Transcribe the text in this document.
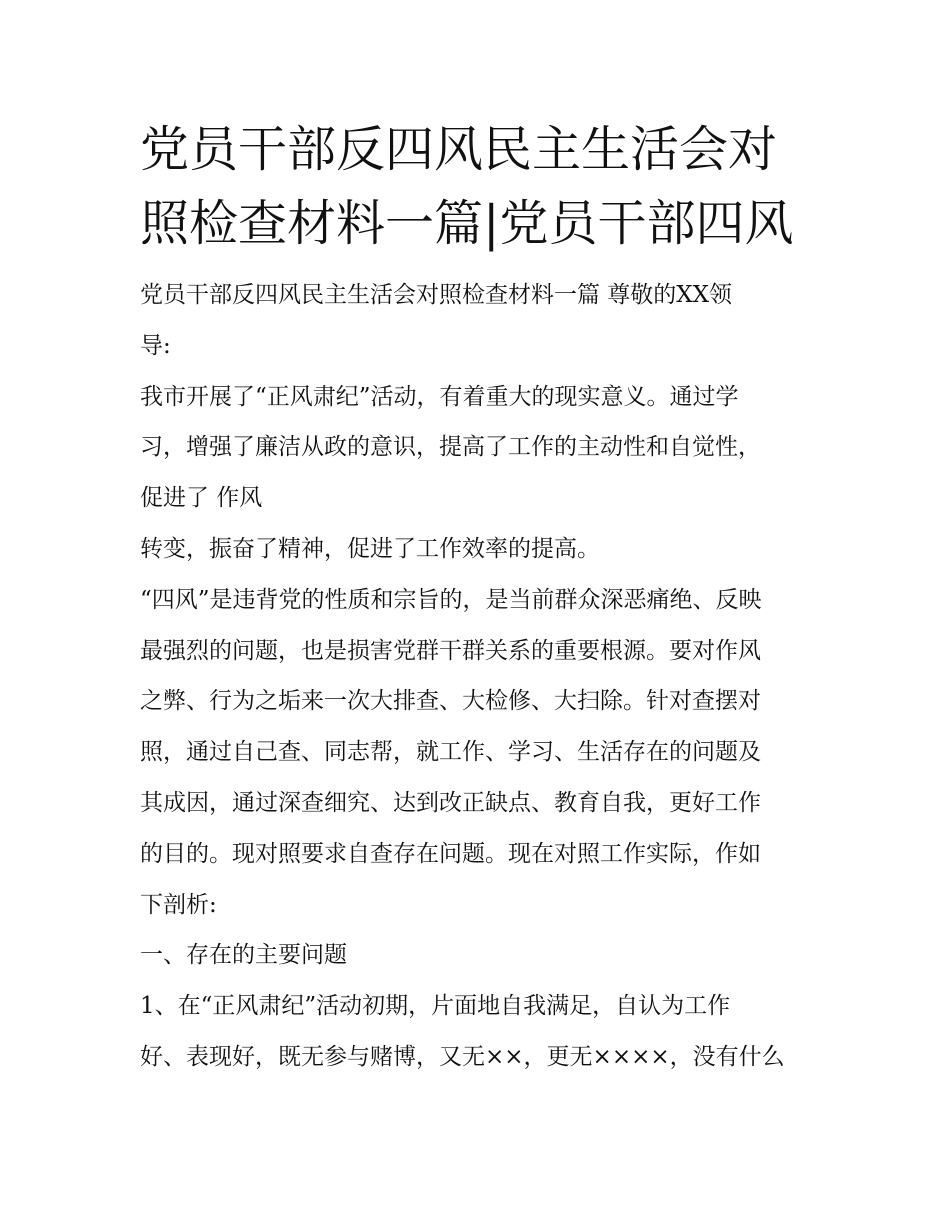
党员干部反四风民主生活会对
照检查材料一篇|党员干部四风
党员干部反四风民主生活会对照检查材料一篇 尊敬的XX领
导:
我市开展了“正风肃纪”活动，有着重大的现实意义。通过学
习，增强了廉洁从政的意识，提高了工作的主动性和自觉性，
促进了 作风
转变，振奋了精神，促进了工作效率的提高。
“四风”是违背党的性质和宗旨的，是当前群众深恶痛绝、反映
最强烈的问题，也是损害党群干群关系的重要根源。要对作风
之弊、行为之垢来一次大排查、大检修、大扫除。针对查摆对
照，通过自己查、同志帮，就工作、学习、生活存在的问题及
其成因，通过深查细究、达到改正缺点、教育自我，更好工作
的目的。现对照要求自查存在问题。现在对照工作实际，作如
下剖析:
一、存在的主要问题
1、在“正风肃纪”活动初期，片面地自我满足，自认为工作
好、表现好，既无参与赌博，又无××，更无××××，没有什么
